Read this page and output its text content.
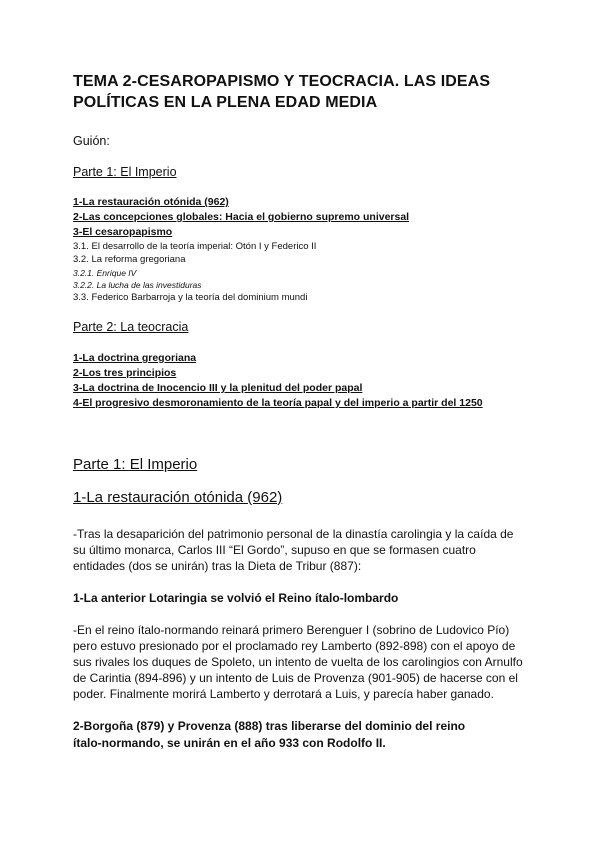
TEMA 2-CESAROPAPISMO Y TEOCRACIA. LAS IDEAS
POLÍTICAS EN LA PLENA EDAD MEDIA
Guión:
Parte 1: El Imperio
1-La restauración otónida (962)
2-Las concepciones globales: Hacia el gobierno supremo universal
3-El cesaropapismo
3.1. El desarrollo de la teoría imperial: Otón I y Federico II
3.2. La reforma gregoriana
3.2.1. Enrique IV
3.2.2. La lucha de las investiduras
3.3. Federico Barbarroja y la teoría del dominium mundi
Parte 2: La teocracia
1-La doctrina gregoriana
2-Los tres principios
3-La doctrina de Inocencio III y la plenitud del poder papal
4-El progresivo desmoronamiento de la teoría papal y del imperio a partir del 1250
Parte 1: El Imperio
1-La restauración otónida (962)
-Tras la desaparición del patrimonio personal de la dinastía carolingia y la caída de
su último monarca, Carlos III “El Gordo”, supuso en que se formasen cuatro
entidades (dos se unirán) tras la Dieta de Tribur (887):
1-La anterior Lotaringia se volvió el Reino ítalo-lombardo
-En el reino ítalo-normando reinará primero Berenguer I (sobrino de Ludovico Pío)
pero estuvo presionado por el proclamado rey Lamberto (892-898) con el apoyo de
sus rivales los duques de Spoleto, un intento de vuelta de los carolingios con Arnulfo
de Carintia (894-896) y un intento de Luis de Provenza (901-905) de hacerse con el
poder. Finalmente morirá Lamberto y derrotará a Luis, y parecía haber ganado.
2-Borgoña (879) y Provenza (888) tras liberarse del dominio del reino
ítalo-normando, se unirán en el año 933 con Rodolfo II.
